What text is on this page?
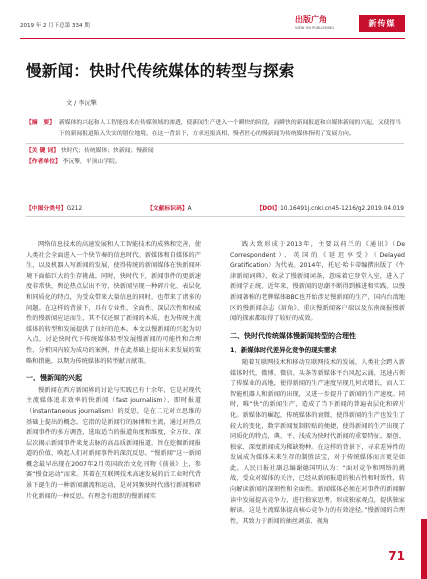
2019 年 2 月下总第 334 期
出版广角
VIEW ON PUBLISHING	新传媒
慢新闻：快时代传统媒体的转型与探索
文 / 李沅擎
【摘　要】 新媒体的兴起和人工智能技术在传媒领域的渗透，使新闻生产进入一个瞬快的阶段，而瞬快的新闻报道和自媒体新闻的兴起，又使得当下的新闻报道陷入失实的错位地境。在这一背景下，方求迟报真相、慢者匠心的慢新闻为传统媒体指明了发展方向。
【关 键 词】 快时代；传统媒体；快新闻；慢新闻
【作者单位】 李沅擎，平顶山学院。
【中图分类号】G212	【文献标识码】A	【DOI】10.16491j.cnki.cn45-1216/g2.2019.04.019

网络信息技术的高速发展和人工智能技术的成熟和完善，使人类社会全面进入一个快节奏的信息时代。新媒体和自媒体的产生，以及机器人写新闻的发展，使得传统的新闻媒体在快新闻环境下面临巨大的生存挑战。同时，快时代下，新闻事件的更新速度非常快，舆论热点层出不穷，快新闻呈现一种碎片化、表层化和同质化的特点，为受众带来大量信息的同时，也带来了诸多的问题。在这样的背景下，具有专业性、全面性、深层次性和权威性的慢新闻应运而生，其不仅还原了新闻的本质，也为传统主流媒体的转型和发展提供了良好的范本。本文以慢新闻的兴起为切入点，讨论快时代下传统媒体转型发展慢新闻的可能性和合理性，分析国内较为成功的案例，并在此基础上提出未来发展的策略和措施，以期为传统媒体的转型献言献策。

一、慢新闻的兴起

慢新闻在西方新闻界的讨论与实践已有十余年，它是对现代主流媒体追求效率的快新闻（fast journalism）、即时报道（instantaneous journalism）的反思，是在二元对立思维的基础上提出的概念。它指的是新闻行的脉搏和主流，通过对热点新闻事件的多方调查，选取适当的报道角度和维度，全方位、深层次揭示新闻事件来龙去脉的高品质新闻报道，旨在挖掘新闻报道的价值，唤起人们对新闻事件的深沉反思。“慢新闻”这一新闻概念最早出现在2007年2月英国政治文化刊物《前景》上，参赛“慢食运动”而来。其着在互联网技术高速发展的后工业时代背景下诞生的一种新闻潮流和运动，是对同频快时代盛行新闻和碎片化新闻的一种反思。有理念有组织的慢新闻实

践大致形成于2013年，主要以荷兰的《通讯》（De Correspondent）、英国的《延迟享受》（Delayed Gratification）为代表。2014年，托尼·哈卡蒂编撰出版了《牛津新闻词典》，收录了慢新闻词条，意味着它登堂入室，进入了新闻学正统。近年来，慢新闻的思潮不断得到推进和实践。以慢新闻著称的老牌媒体BBC也开始涉足慢新闻的生产，国内台湾地区的慢新闻杂志《眉角》、重庆慢新闻客户端以及东南商报慢新闻的探索都取得了较好的成效。

二、快时代传统媒体慢新闻转型的合理性
1．新媒体时代差异化竞争的现实需求

随着互联网技术和移动互联网技术的发展，人类社会跨入新媒体时代，微博、微信、头条等新媒体平台风起云涌，迅速占领了传媒业的高地，使得新闻的生产速度呈现几何式增长，而人工智能机器人和新闻的出现，又进一步提升了新闻的生产速度。同时，唯“快”的新闻生产，造成了当下新闻的普遍表层化和碎片化。新媒体的崛起，传统媒体的衰微，使得新闻的生产也发生了较大的变化，数字新闻复制转贴的便捷，使得新闻的生产出现了同质化的特点，典、平、浅成为快时代新闻的重要特征。原创、独家、深度新闻成为稀缺物种。在这样的背景下，寻求差异性的发展成为媒体未来生存的制胜法宝，对于传统媒体而言更是如此。人民日报社副总编谢德国明认为：“面对竞争和网络的挑战，受众对媒体的关注，已经从新闻报道的独占性和时效性，转向解读新闻的深刻性和全面性。新闻媒体必须在对事件的新闻解读中发展提高竞争力，进行独家思考，形成独家观点，提供独家解读。这是主流媒体提高核心竞争力的有效途径。”慢新闻的合理性，其致力于新闻的抽丝剥茧、视角

71
